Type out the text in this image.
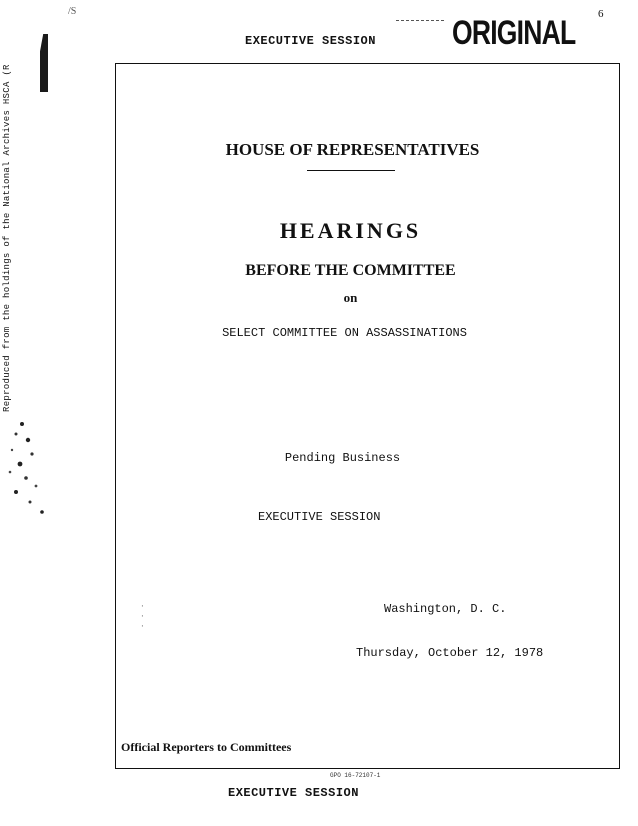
/S
EXECUTIVE SESSION ORIGINAL 6
Reproduced from the holdings of the National Archives HSCA (R	HOUSE OF REPRESENTATIVES
HEARINGS
BEFORE THE COMMITTEE
on
SELECT COMMITTEE ON ASSASSINATIONS
Pending Business
EXECUTIVE SESSION
·
·
·
Washington, D. C.
Thursday, October 12, 1978
Official Reporters to Committees
GPO 16-72107-1
EXECUTIVE SESSION
